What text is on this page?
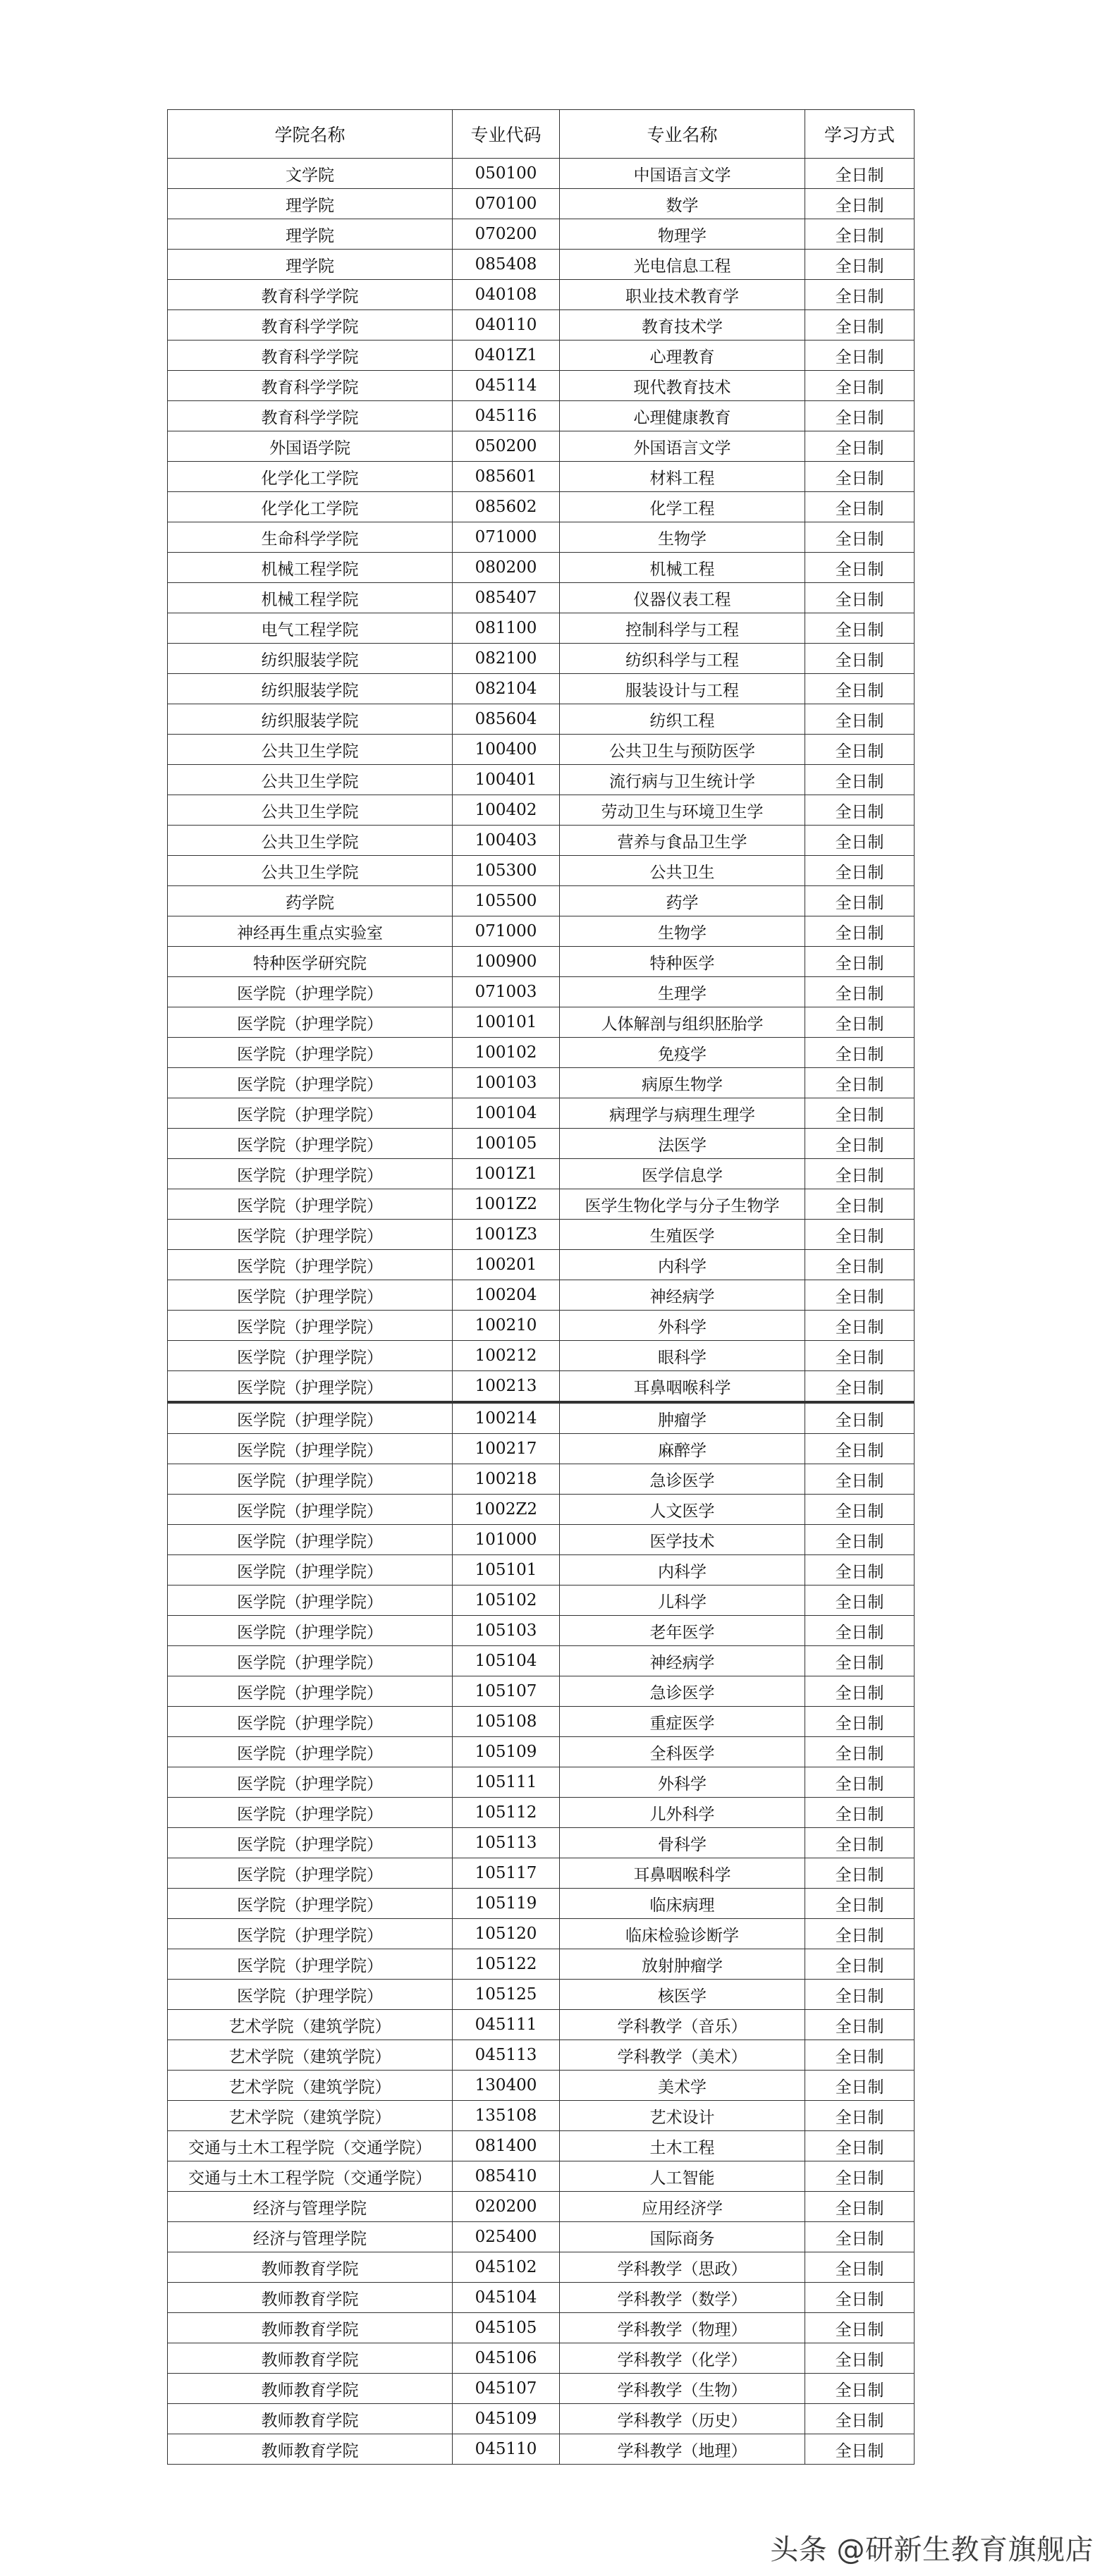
学院名称	专业代码	专业名称	学习方式
文学院	050100	中国语言文学	全日制
理学院	070100	数学	全日制
理学院	070200	物理学	全日制
理学院	085408	光电信息工程	全日制
教育科学学院	040108	职业技术教育学	全日制
教育科学学院	040110	教育技术学	全日制
教育科学学院	0401Z1	心理教育	全日制
教育科学学院	045114	现代教育技术	全日制
教育科学学院	045116	心理健康教育	全日制
外国语学院	050200	外国语言文学	全日制
化学化工学院	085601	材料工程	全日制
化学化工学院	085602	化学工程	全日制
生命科学学院	071000	生物学	全日制
机械工程学院	080200	机械工程	全日制
机械工程学院	085407	仪器仪表工程	全日制
电气工程学院	081100	控制科学与工程	全日制
纺织服装学院	082100	纺织科学与工程	全日制
纺织服装学院	082104	服装设计与工程	全日制
纺织服装学院	085604	纺织工程	全日制
公共卫生学院	100400	公共卫生与预防医学	全日制
公共卫生学院	100401	流行病与卫生统计学	全日制
公共卫生学院	100402	劳动卫生与环境卫生学	全日制
公共卫生学院	100403	营养与食品卫生学	全日制
公共卫生学院	105300	公共卫生	全日制
药学院	105500	药学	全日制
神经再生重点实验室	071000	生物学	全日制
特种医学研究院	100900	特种医学	全日制
医学院（护理学院）	071003	生理学	全日制
医学院（护理学院）	100101	人体解剖与组织胚胎学	全日制
医学院（护理学院）	100102	免疫学	全日制
医学院（护理学院）	100103	病原生物学	全日制
医学院（护理学院）	100104	病理学与病理生理学	全日制
医学院（护理学院）	100105	法医学	全日制
医学院（护理学院）	1001Z1	医学信息学	全日制
医学院（护理学院）	1001Z2	医学生物化学与分子生物学	全日制
医学院（护理学院）	1001Z3	生殖医学	全日制
医学院（护理学院）	100201	内科学	全日制
医学院（护理学院）	100204	神经病学	全日制
医学院（护理学院）	100210	外科学	全日制
医学院（护理学院）	100212	眼科学	全日制
医学院（护理学院）	100213	耳鼻咽喉科学	全日制
医学院（护理学院）	100214	肿瘤学	全日制
医学院（护理学院）	100217	麻醉学	全日制
医学院（护理学院）	100218	急诊医学	全日制
医学院（护理学院）	1002Z2	人文医学	全日制
医学院（护理学院）	101000	医学技术	全日制
医学院（护理学院）	105101	内科学	全日制
医学院（护理学院）	105102	儿科学	全日制
医学院（护理学院）	105103	老年医学	全日制
医学院（护理学院）	105104	神经病学	全日制
医学院（护理学院）	105107	急诊医学	全日制
医学院（护理学院）	105108	重症医学	全日制
医学院（护理学院）	105109	全科医学	全日制
医学院（护理学院）	105111	外科学	全日制
医学院（护理学院）	105112	儿外科学	全日制
医学院（护理学院）	105113	骨科学	全日制
医学院（护理学院）	105117	耳鼻咽喉科学	全日制
医学院（护理学院）	105119	临床病理	全日制
医学院（护理学院）	105120	临床检验诊断学	全日制
医学院（护理学院）	105122	放射肿瘤学	全日制
医学院（护理学院）	105125	核医学	全日制
艺术学院（建筑学院）	045111	学科教学（音乐）	全日制
艺术学院（建筑学院）	045113	学科教学（美术）	全日制
艺术学院（建筑学院）	130400	美术学	全日制
艺术学院（建筑学院）	135108	艺术设计	全日制
交通与土木工程学院（交通学院）	081400	土木工程	全日制
交通与土木工程学院（交通学院）	085410	人工智能	全日制
经济与管理学院	020200	应用经济学	全日制
经济与管理学院	025400	国际商务	全日制
教师教育学院	045102	学科教学（思政）	全日制
教师教育学院	045104	学科教学（数学）	全日制
教师教育学院	045105	学科教学（物理）	全日制
教师教育学院	045106	学科教学（化学）	全日制
教师教育学院	045107	学科教学（生物）	全日制
教师教育学院	045109	学科教学（历史）	全日制
教师教育学院	045110	学科教学（地理）	全日制
头条 @研新生教育旗舰店
